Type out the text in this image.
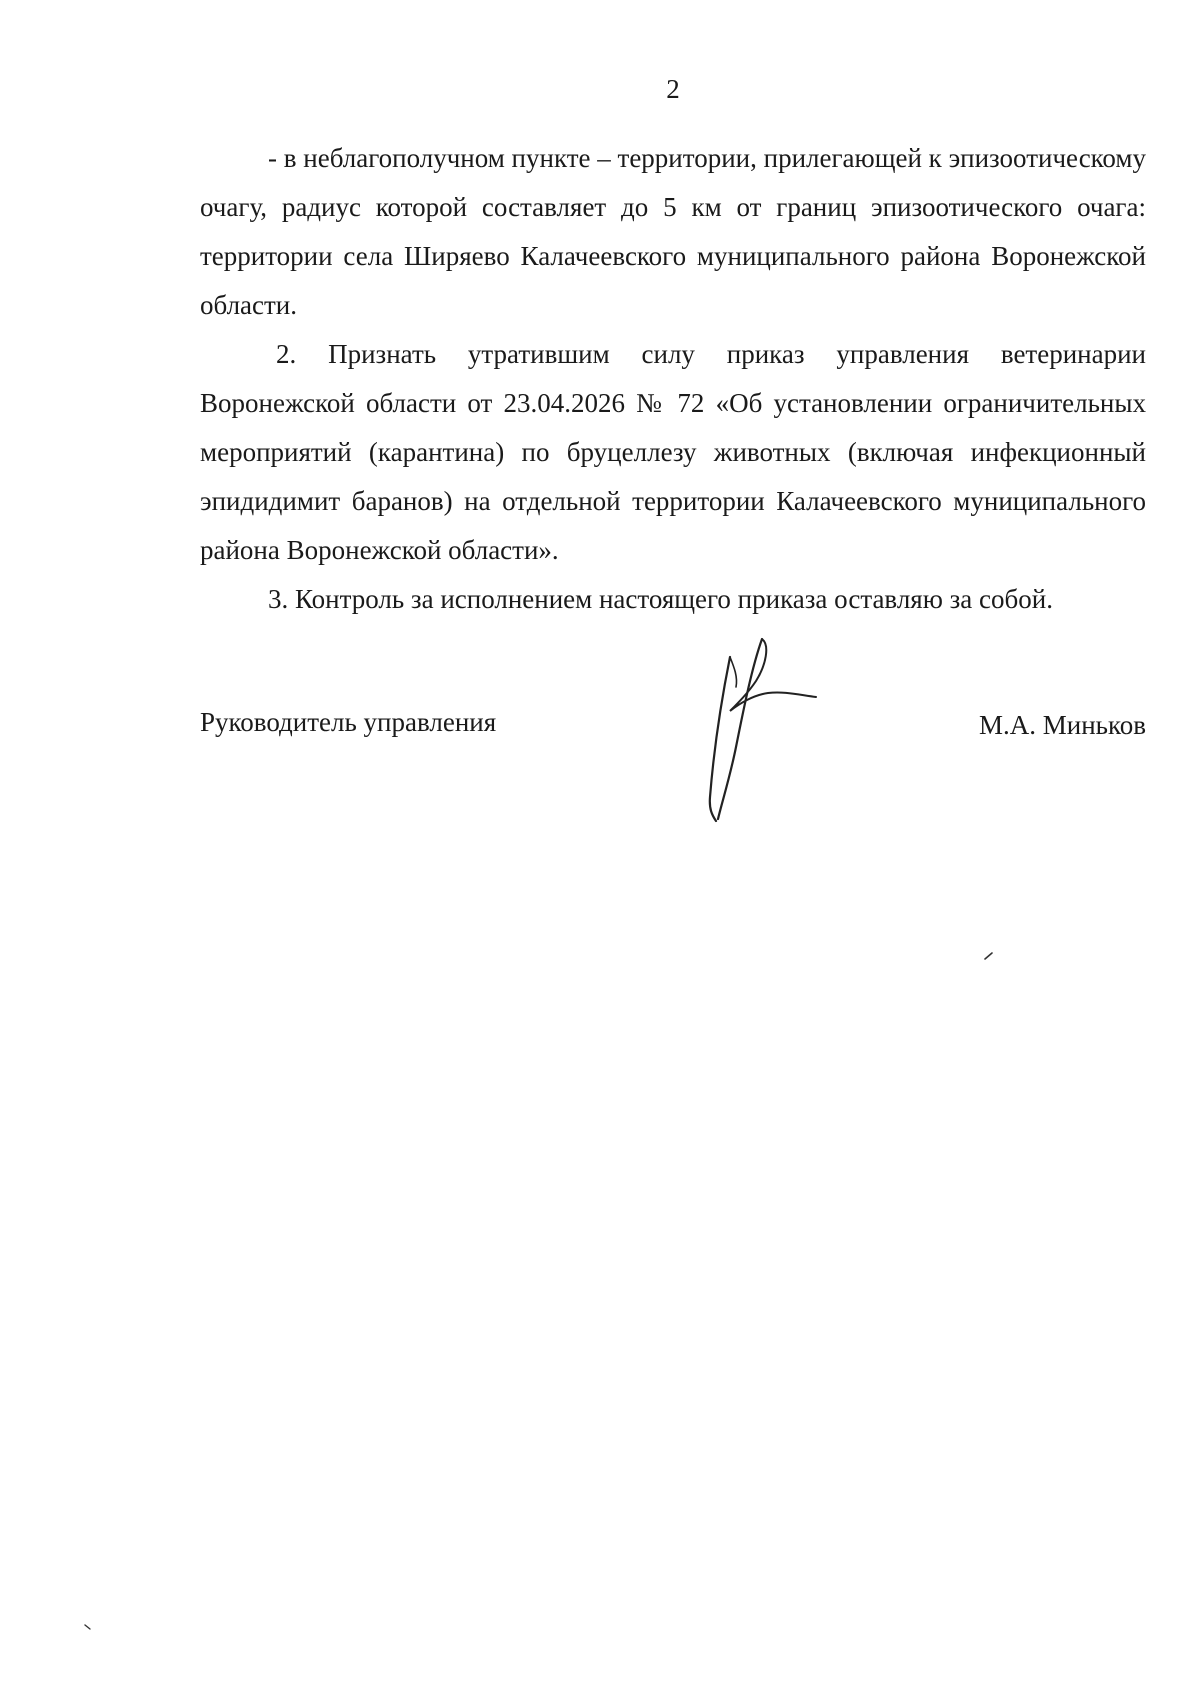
2

- в неблагополучном пункте – территории, прилегающей к эпизоотическому очагу, радиус которой составляет до 5 км от границ эпизоотического очага: территории села Ширяево Калачеевского муниципального района Воронежской области.

2. Признать утратившим силу приказ управления ветеринарии Воронежской области от 23.04.2026 № 72 «Об установлении ограничительных мероприятий (карантина) по бруцеллезу животных (включая инфекционный эпидидимит баранов) на отдельной территории Калачеевского муниципального района Воронежской области».

3. Контроль за исполнением настоящего приказа оставляю за собой.

Руководитель управления	М.А. Миньков
